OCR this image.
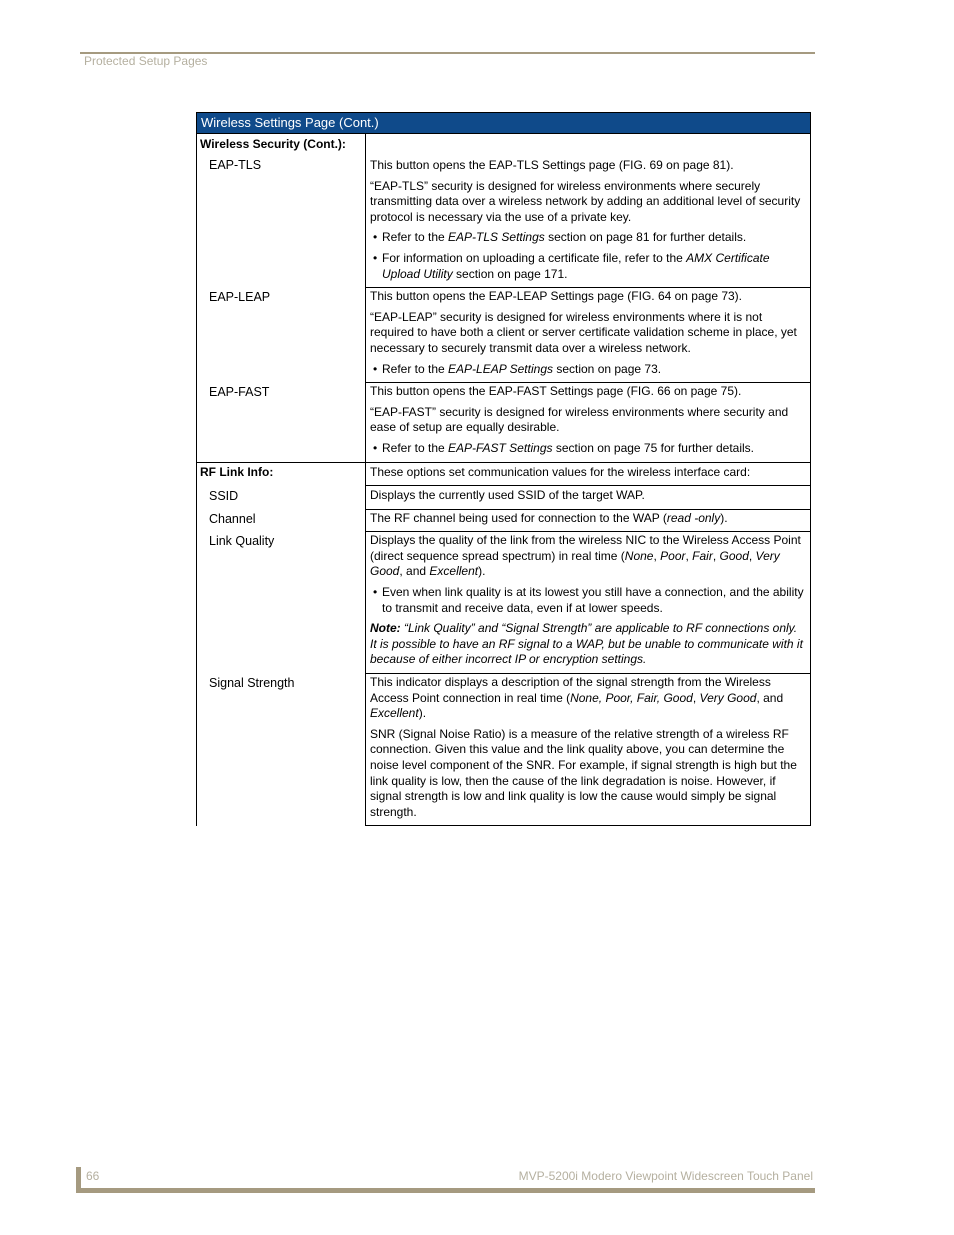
Protected Setup Pages
Wireless Settings Page (Cont.)
Wireless Security (Cont.):
EAP-TLS	This button opens the EAP-TLS Settings page (FIG. 69 on page 81).

“EAP-TLS” security is designed for wireless environments where securely transmitting data over a wireless network by adding an additional level of security protocol is necessary via the use of a private key.

• Refer to the EAP-TLS Settings section on page 81 for further details.

• For information on uploading a certificate file, refer to the AMX Certificate Upload Utility section on page 171.

EAP-LEAP	This button opens the EAP-LEAP Settings page (FIG. 64 on page 73).

“EAP-LEAP” security is designed for wireless environments where it is not required to have both a client or server certificate validation scheme in place, yet necessary to securely transmit data over a wireless network.

• Refer to the EAP-LEAP Settings section on page 73.

EAP-FAST	This button opens the EAP-FAST Settings page (FIG. 66 on page 75).

“EAP-FAST” security is designed for wireless environments where security and ease of setup are equally desirable.

• Refer to the EAP-FAST Settings section on page 75 for further details.

RF Link Info:	These options set communication values for the wireless interface card:

SSID	Displays the currently used SSID of the target WAP.

Channel	The RF channel being used for connection to the WAP (read -only).

Link Quality	Displays the quality of the link from the wireless NIC to the Wireless Access Point (direct sequence spread spectrum) in real time (None, Poor, Fair, Good, Very Good, and Excellent).

• Even when link quality is at its lowest you still have a connection, and the ability to transmit and receive data, even if at lower speeds.

Note: “Link Quality” and “Signal Strength” are applicable to RF connections only. It is possible to have an RF signal to a WAP, but be unable to communicate with it because of either incorrect IP or encryption settings.

Signal Strength	This indicator displays a description of the signal strength from the Wireless Access Point connection in real time (None, Poor, Fair, Good, Very Good, and Excellent).

SNR (Signal Noise Ratio) is a measure of the relative strength of a wireless RF connection. Given this value and the link quality above, you can determine the noise level component of the SNR. For example, if signal strength is high but the link quality is low, then the cause of the link degradation is noise. However, if signal strength is low and link quality is low the cause would simply be signal strength.

66	MVP-5200i Modero Viewpoint Widescreen Touch Panel
